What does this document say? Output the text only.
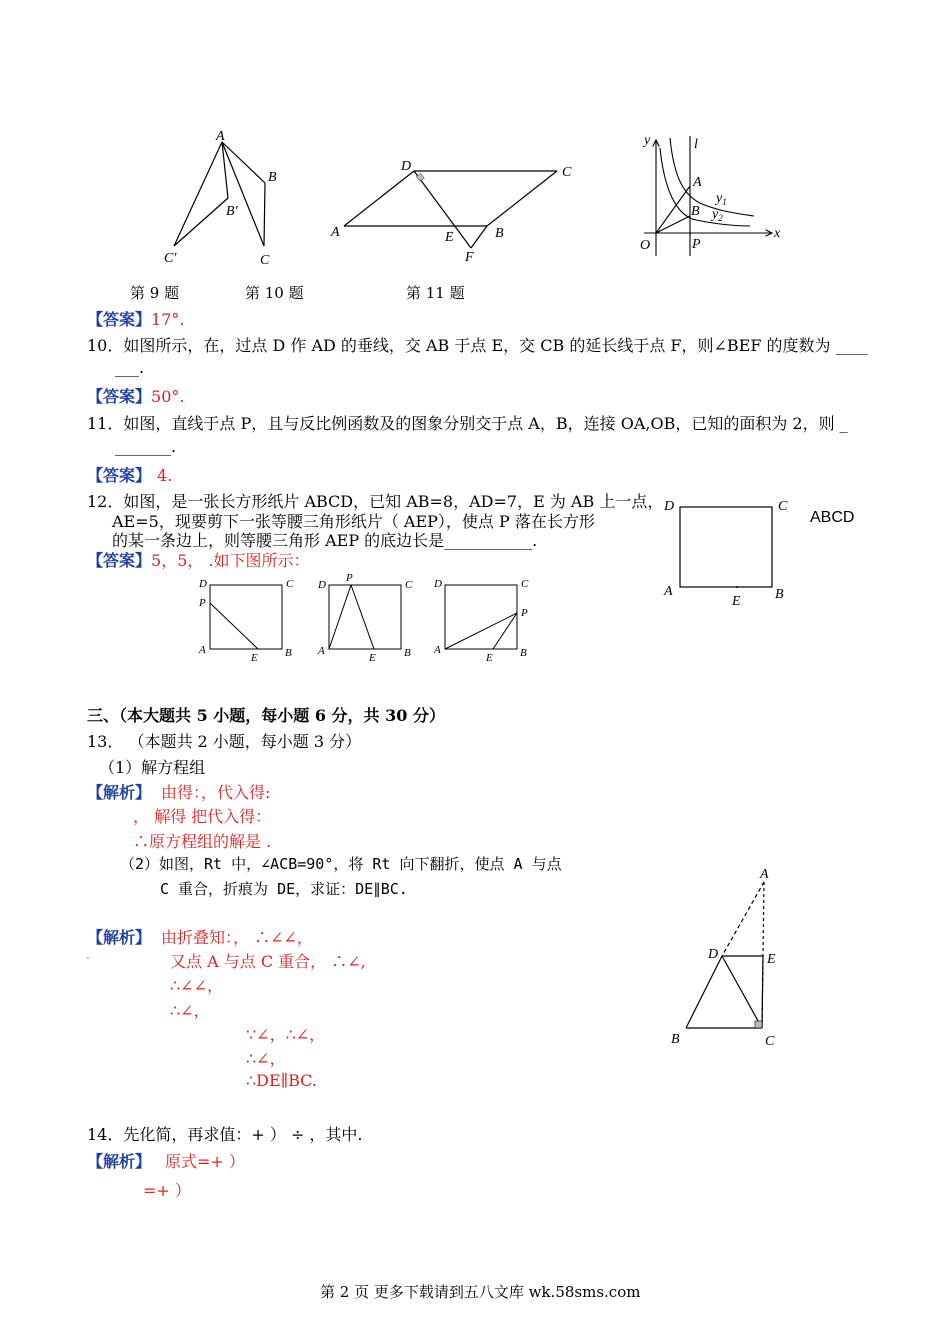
A
B
B′
C′	C
D	C
A	E	B
F
y	l
A
B
$y_1$
$y_2$
O	P
x
第 9 题	第 10 题	第 11 题
【答案】17°.
10．如图所示，在，过点 D 作 AD 的垂线，交 AB 于点 E，交 CB 的延长线于点 F，则∠BEF 的度数为 ____
___.
【答案】50°.
11．如图，直线于点 P，且与反比例函数及的图象分别交于点 A，B，连接 OA,OB，已知的面积为 2，则 _
_______.
【答案】 4.
12．如图，是一张长方形纸片 ABCD，已知 AB=8，AD=7，E 为 AB 上一点，
AE=5，现要剪下一张等腰三角形纸片（ AEP），使点 P 落在长方形
的某一条边上，则等腰三角形 AEP 的底边长是___________.
ABCD
D	C
A
E B
【答案】5，5， .如下图所示：
D	C
P
A
E B
D
P
C
A
E	B
D	C
P
A
E B
三、（本大题共 5 小题，每小题 6 分，共 30 分）
13． （本题共 2 小题，每小题 3 分）
（1）解方程组
【解析】 由得：，代入得:
， 解得 把代入得：
∴原方程组的解是 .
（2）如图，Rt 中，∠ACB=90°，将 Rt 向下翻折，使点 A 与点
C 重合，折痕为 DE，求证：DE∥BC.
【解析】 由折叠知：， ∴∠∠，
.	又点 A 与点 C 重合， ∴∠,
∴∠∠，
∴∠，
∵∠，∴∠，
∴∠，
∴DE∥BC.
A
D	E
B	C
14．先化简，再求值：+ ） ÷ ，其中.
【解析】 原式=+ ）
=+ ）
第 2 页 更多下载请到五八文库 wk.58sms.com
